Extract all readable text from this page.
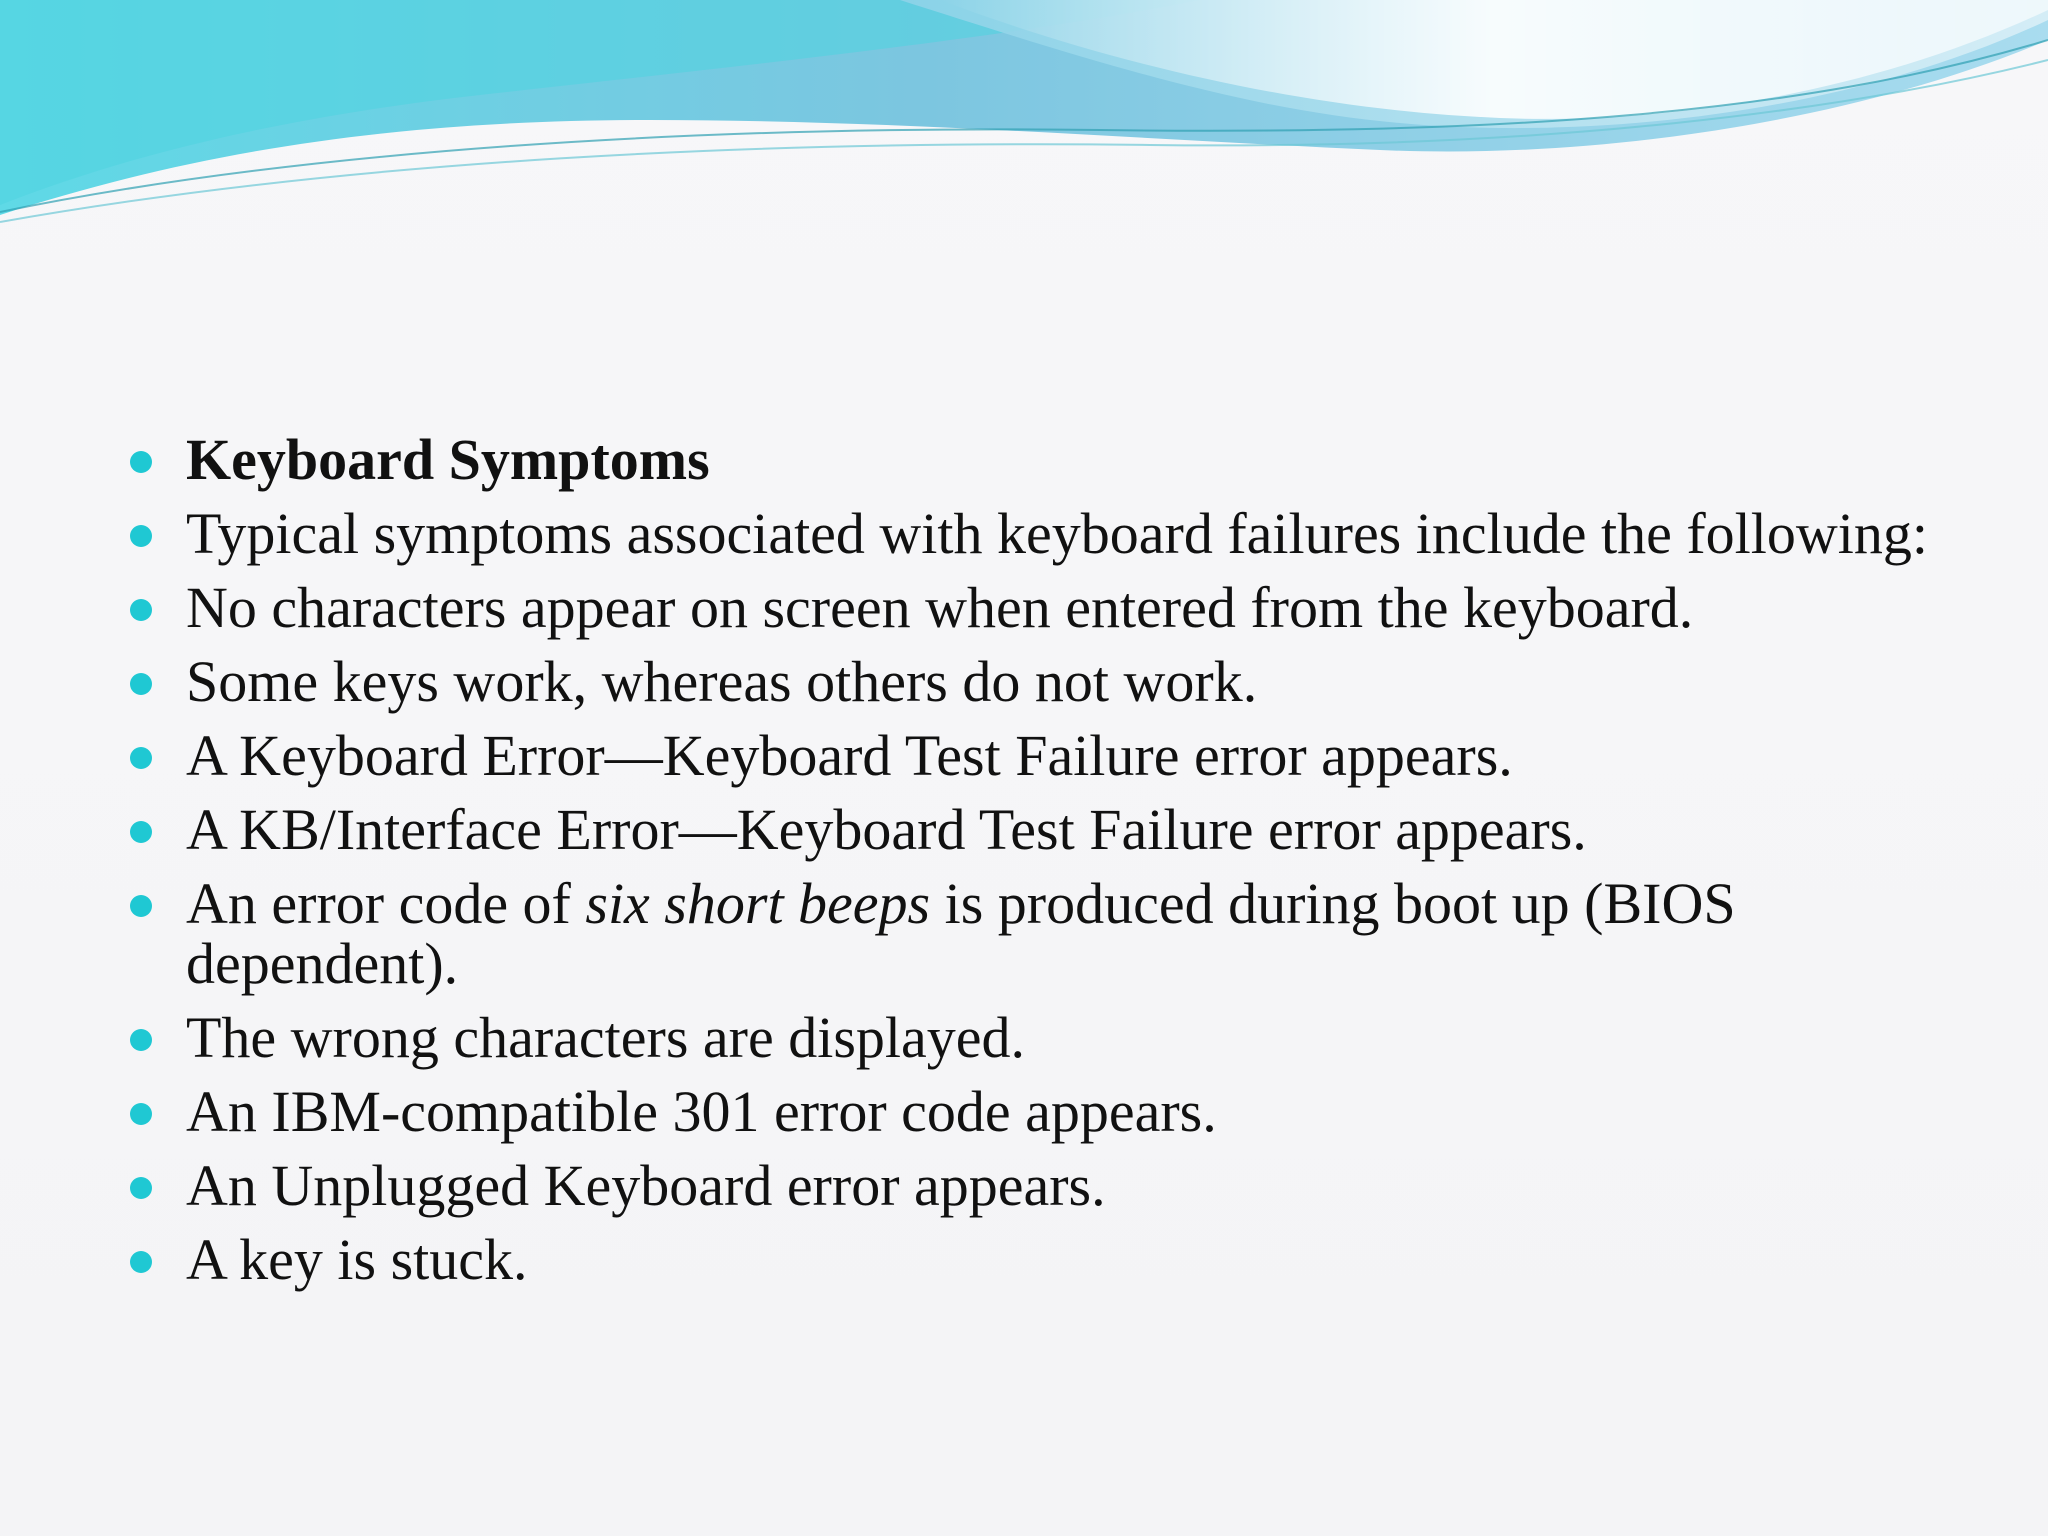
Keyboard Symptoms
Typical symptoms associated with keyboard failures include the following:
No characters appear on screen when entered from the keyboard.
Some keys work, whereas others do not work.
A Keyboard Error—Keyboard Test Failure error appears.
A KB/Interface Error—Keyboard Test Failure error appears.
An error code of six short beeps is produced during boot up (BIOS dependent).
The wrong characters are displayed.
An IBM-compatible 301 error code appears.
An Unplugged Keyboard error appears.
A key is stuck.
